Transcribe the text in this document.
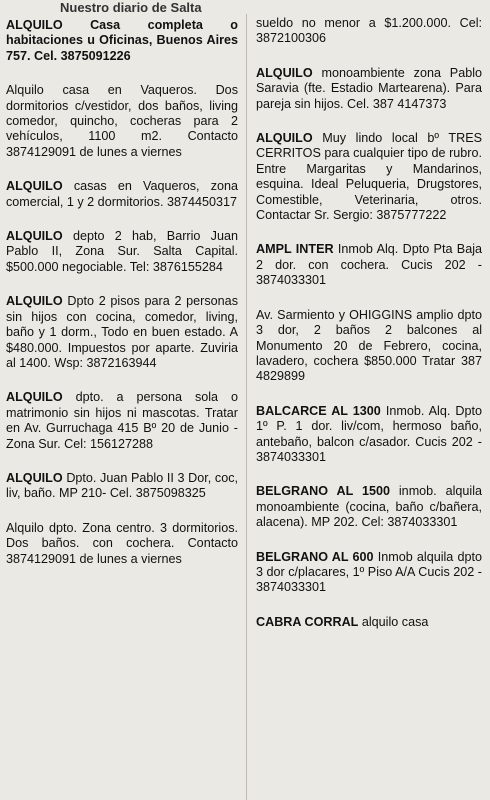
Nuestro diario de Salta
ALQUILO Casa completa o habitaciones u Oficinas, Buenos Aires 757. Cel. 3875091226
Alquilo casa en Vaqueros. Dos dormitorios c/vestidor, dos baños, living comedor, quincho, cocheras para 2 vehículos, 1100 m2. Contacto 3874129091 de lunes a viernes
ALQUILO casas en Vaqueros, zona comercial, 1 y 2 dormitorios. 3874450317
ALQUILO depto 2 hab, Barrio Juan Pablo II, Zona Sur. Salta Capital. $500.000 negociable. Tel: 3876155284
ALQUILO Dpto 2 pisos para 2 personas sin hijos con cocina, comedor, living, baño y 1 dorm., Todo en buen estado. A $480.000. Impuestos por aparte. Zuviria al 1400. Wsp: 3872163944
ALQUILO dpto. a persona sola o matrimonio sin hijos ni mascotas. Tratar en Av. Gurruchaga 415 Bº 20 de Junio - Zona Sur. Cel: 156127288
ALQUILO Dpto. Juan Pablo II 3 Dor, coc, liv, baño. MP 210- Cel. 3875098325
Alquilo dpto. Zona centro. 3 dormitorios. Dos baños. con cochera. Contacto 3874129091 de lunes a viernes
sueldo no menor a $1.200.000. Cel: 3872100306
ALQUILO monoambiente zona Pablo Saravia (fte. Estadio Martearena). Para pareja sin hijos. Cel. 387 4147373
ALQUILO Muy lindo local bº TRES CERRITOS para cualquier tipo de rubro. Entre Margaritas y Mandarinos, esquina. Ideal Peluqueria, Drugstores, Comestible, Veterinaria, otros. Contactar Sr. Sergio: 3875777222
AMPL INTER Inmob Alq. Dpto Pta Baja 2 dor. con cochera. Cucis 202 - 3874033301
Av. Sarmiento y OHIGGINS amplio dpto 3 dor, 2 baños 2 balcones al Monumento 20 de Febrero, cocina, lavadero, cochera $850.000 Tratar 387 4829899
BALCARCE AL 1300 Inmob. Alq. Dpto 1º P. 1 dor. liv/com, hermoso baño, antebaño, balcon c/asador. Cucis 202 - 3874033301
BELGRANO AL 1500 inmob. alquila monoambiente (cocina, baño c/bañera, alacena). MP 202. Cel: 3874033301
BELGRANO AL 600 Inmob alquila dpto 3 dor c/placares, 1º Piso A/A Cucis 202 - 3874033301
CABRA CORRAL alquilo casa
